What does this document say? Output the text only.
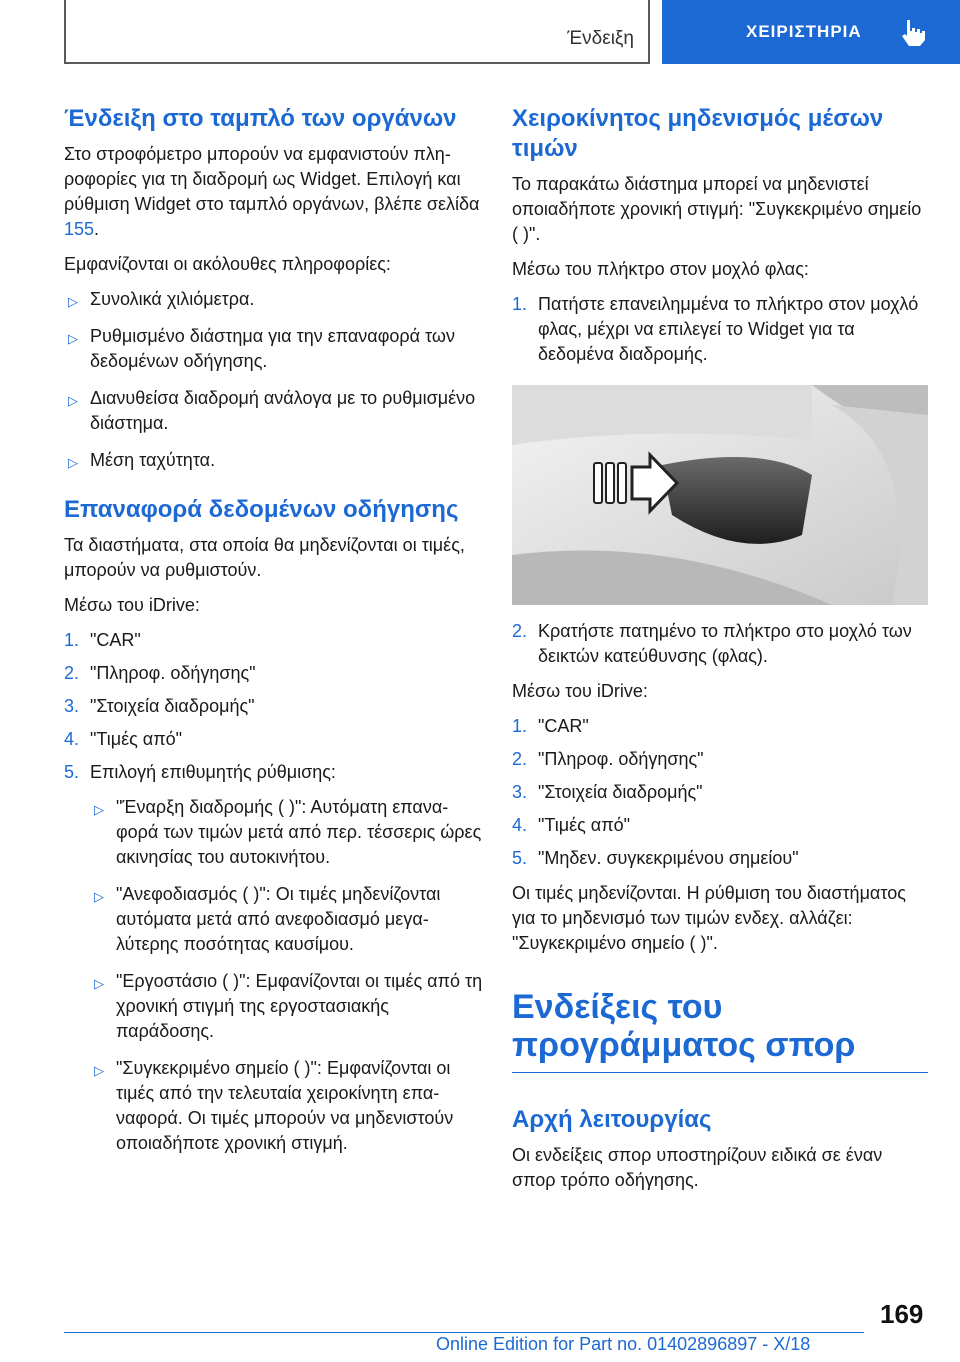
Ένδειξη	ΧΕΙΡΙΣΤΗΡΙΑ
Ένδειξη στο ταμπλό των οργάνων

Στο στροφόμετρο μπορούν να εμφανιστούν πληροφορίες για τη διαδρομή ως Widget. Επιλογή και ρύθμιση Widget στο ταμπλό οργάνων, βλέπε σελίδα 155.

Εμφανίζονται οι ακόλουθες πληροφορίες:

▷ Συνολικά χιλιόμετρα.
▷ Ρυθμισμένο διάστημα για την επαναφορά των δεδομένων οδήγησης.
▷ Διανυθείσα διαδρομή ανάλογα με το ρυθμισμένο διάστημα.
▷ Μέση ταχύτητα.
Επαναφορά δεδομένων οδήγησης

Τα διαστήματα, στα οποία θα μηδενίζονται οι τιμές, μπορούν να ρυθμιστούν.

Μέσω του iDrive:

1. "CAR"
2. "Πληροφ. οδήγησης"
3. "Στοιχεία διαδρομής"
4. "Τιμές από"
5. Επιλογή επιθυμητής ρύθμισης:
▷ "Έναρξη διαδρομής ( )": Αυτόματη επαναφορά των τιμών μετά από περ. τέσσερις ώρες ακινησίας του αυτοκινήτου.
▷ "Ανεφοδιασμός ( )": Οι τιμές μηδενίζονται αυτόματα μετά από ανεφοδιασμό μεγαλύτερης ποσότητας καυσίμου.
▷ "Εργοστάσιο ( )": Εμφανίζονται οι τιμές από τη χρονική στιγμή της εργοστασιακής παράδοσης.
▷ "Συγκεκριμένο σημείο ( )": Εμφανίζονται οι τιμές από την τελευταία χειροκίνητη επαναφορά. Οι τιμές μπορούν να μηδενιστούν οποιαδήποτε χρονική στιγμή.
Χειροκίνητος μηδενισμός μέσων τιμών

Το παρακάτω διάστημα μπορεί να μηδενιστεί οποιαδήποτε χρονική στιγμή: "Συγκεκριμένο σημείο ( )".

Μέσω του πλήκτρο στον μοχλό φλας:

1. Πατήστε επανειλημμένα το πλήκτρο στον μοχλό φλας, μέχρι να επιλεγεί το Widget για τα δεδομένα διαδρομής.
2. Κρατήστε πατημένο το πλήκτρο στο μοχλό των δεικτών κατεύθυνσης (φλας).

Μέσω του iDrive:

1. "CAR"
2. "Πληροφ. οδήγησης"
3. "Στοιχεία διαδρομής"
4. "Τιμές από"
5. "Μηδεν. συγκεκριμένου σημείου"

Οι τιμές μηδενίζονται. Η ρύθμιση του διαστήματος για το μηδενισμό των τιμών ενδεχ. αλλάζει: "Συγκεκριμένο σημείο ( )".

Ενδείξεις του προγράμματος σπορ
Αρχή λειτουργίας

Οι ενδείξεις σπορ υποστηρίζουν ειδικά σε έναν σπορ τρόπο οδήγησης.

169
Online Edition for Part no. 01402896897 - X/18
